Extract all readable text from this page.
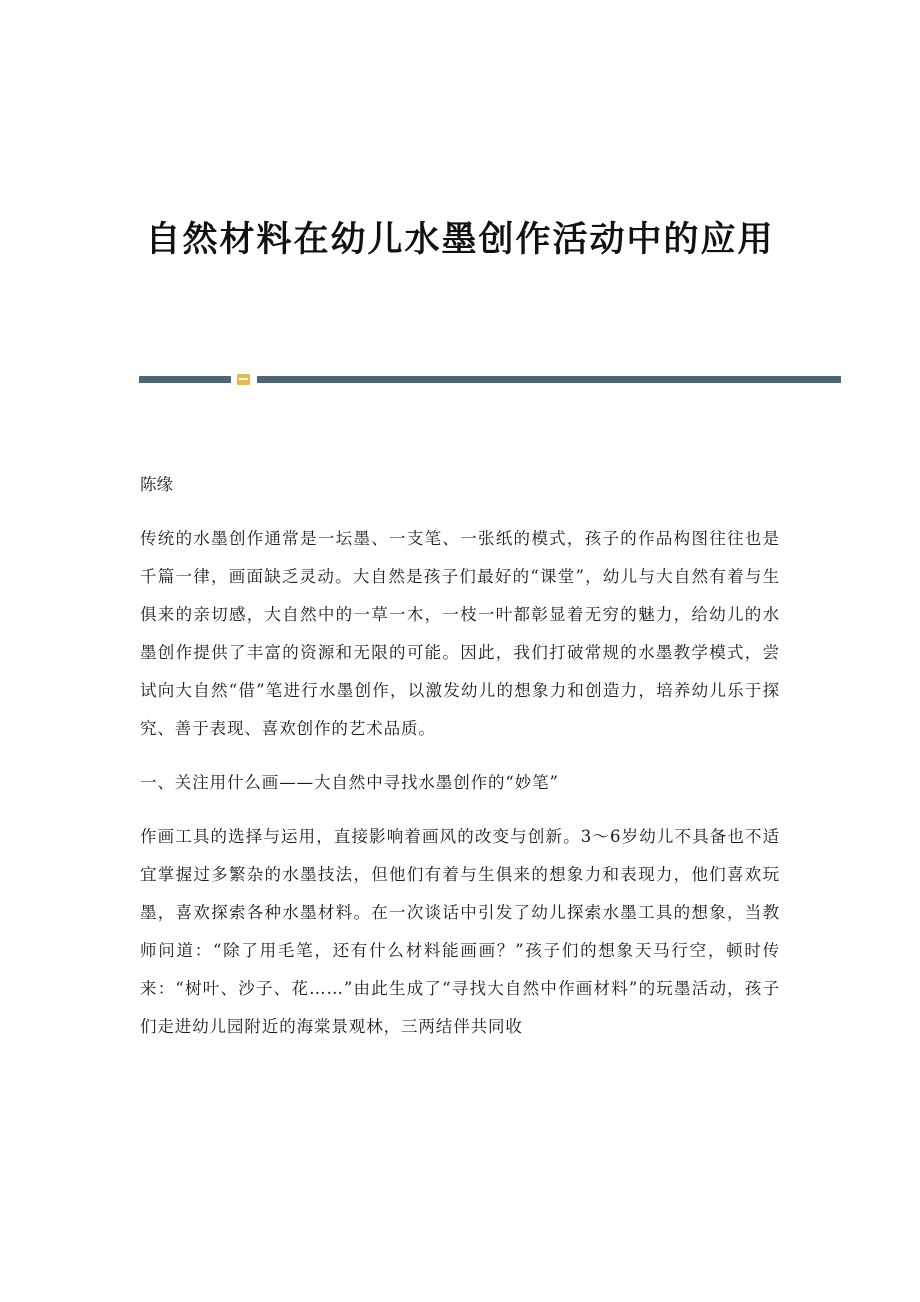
自然材料在幼儿水墨创作活动中的应用

陈缘

传统的水墨创作通常是一坛墨、一支笔、一张纸的模式，孩子的作品构图往往也是千篇一律，画面缺乏灵动。大自然是孩子们最好的“课堂”，幼儿与大自然有着与生俱来的亲切感，大自然中的一草一木，一枝一叶都彰显着无穷的魅力，给幼儿的水墨创作提供了丰富的资源和无限的可能。因此，我们打破常规的水墨教学模式，尝试向大自然“借”笔进行水墨创作，以激发幼儿的想象力和创造力，培养幼儿乐于探究、善于表现、喜欢创作的艺术品质。

一、关注用什么画——大自然中寻找水墨创作的“妙笔”

作画工具的选择与运用，直接影响着画风的改变与创新。3～6岁幼儿不具备也不适宜掌握过多繁杂的水墨技法，但他们有着与生俱来的想象力和表现力，他们喜欢玩墨，喜欢探索各种水墨材料。在一次谈话中引发了幼儿探索水墨工具的想象，当教师问道：“除了用毛笔，还有什么材料能画画？”孩子们的想象天马行空，顿时传来：“树叶、沙子、花……”由此生成了“寻找大自然中作画材料”的玩墨活动，孩子们走进幼儿园附近的海棠景观林，三两结伴共同收
